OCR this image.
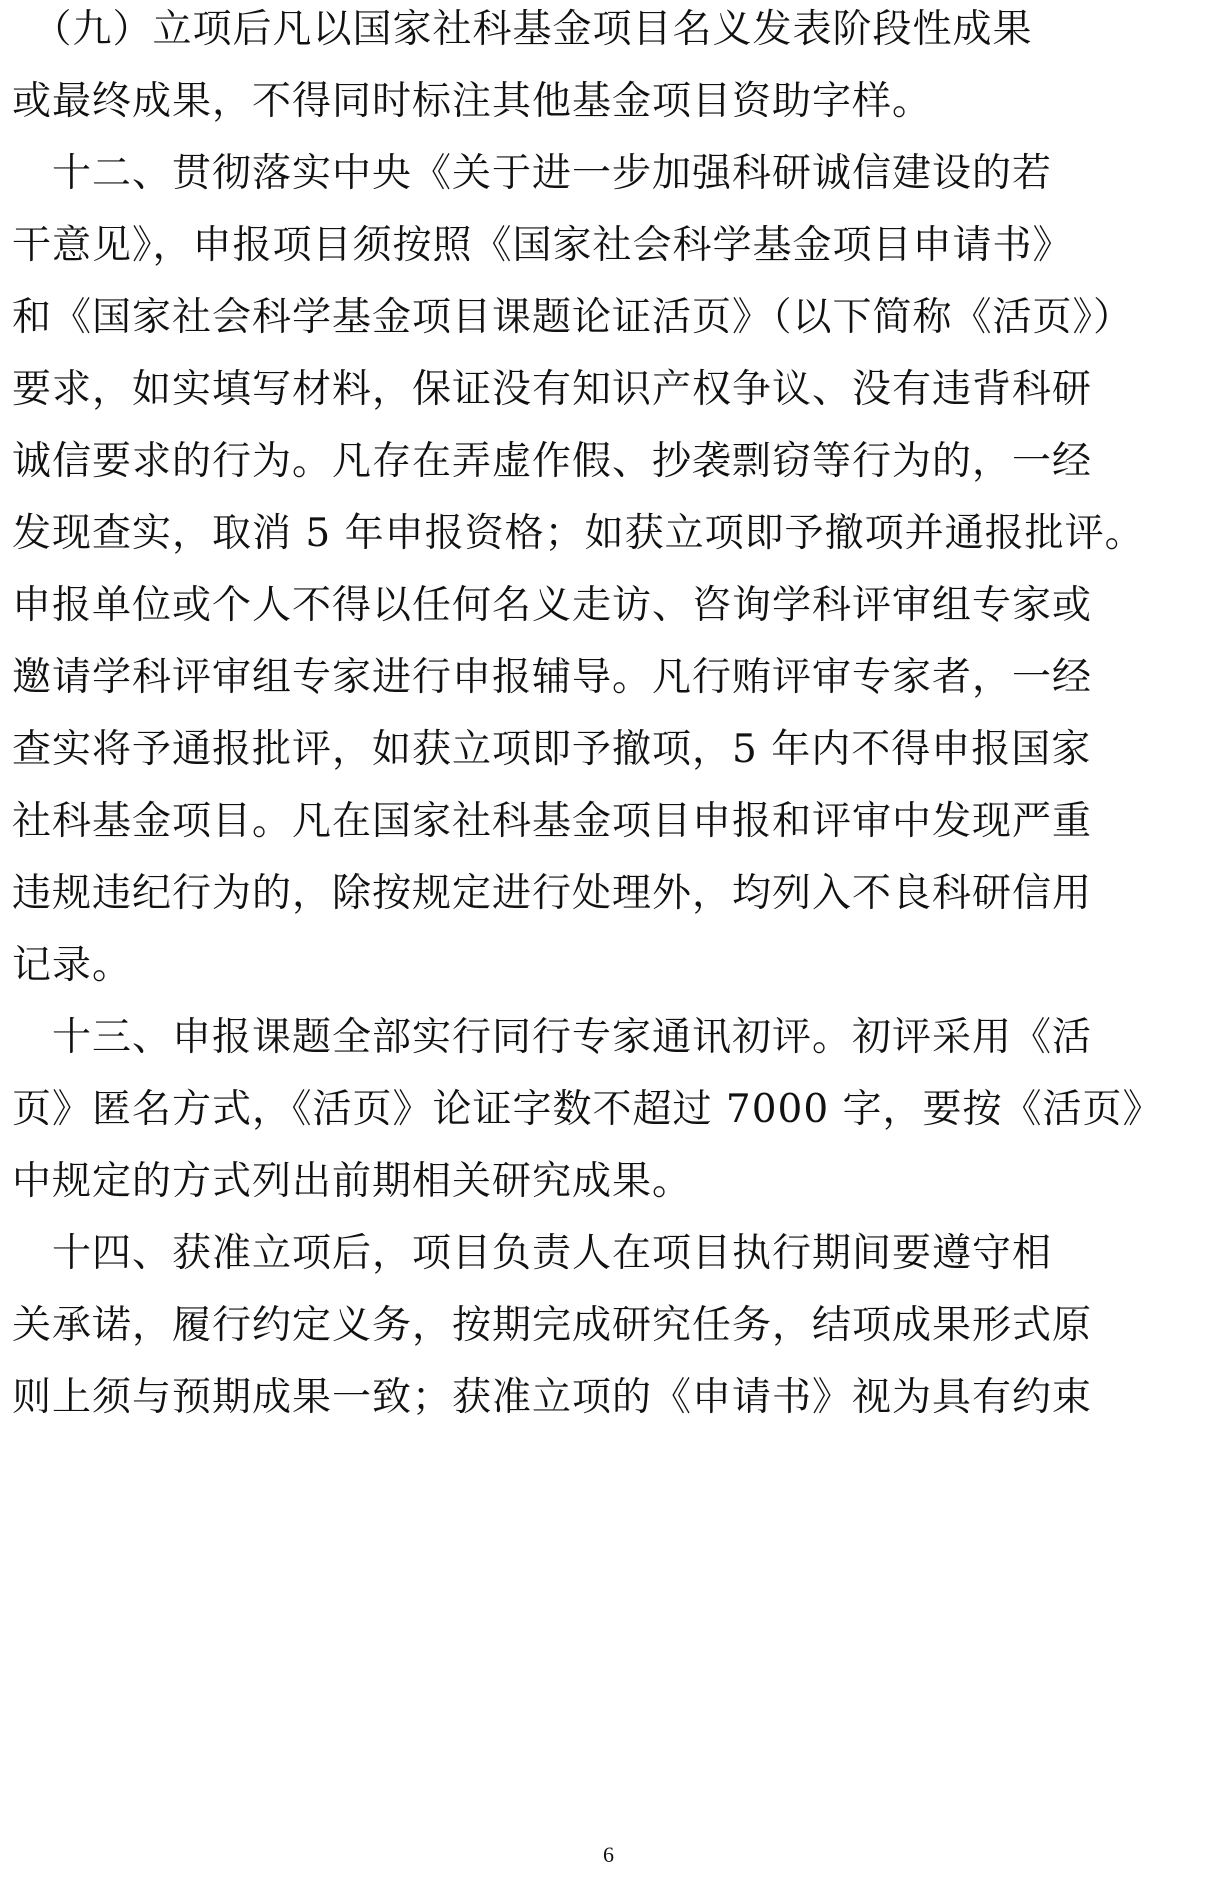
　（九）立项后凡以国家社科基金项目名义发表阶段性成果
或最终成果，不得同时标注其他基金项目资助字样。
　十二、贯彻落实中央《关于进一步加强科研诚信建设的若
干意见》，申报项目须按照《国家社会科学基金项目申请书》
和《国家社会科学基金项目课题论证活页》（以下简称《活页》）
要求，如实填写材料，保证没有知识产权争议、没有违背科研
诚信要求的行为。凡存在弄虚作假、抄袭剽窃等行为的，一经
发现查实，取消 5 年申报资格；如获立项即予撤项并通报批评。
申报单位或个人不得以任何名义走访、咨询学科评审组专家或
邀请学科评审组专家进行申报辅导。凡行贿评审专家者，一经
查实将予通报批评，如获立项即予撤项，5 年内不得申报国家
社科基金项目。凡在国家社科基金项目申报和评审中发现严重
违规违纪行为的，除按规定进行处理外，均列入不良科研信用
记录。
　十三、申报课题全部实行同行专家通讯初评。初评采用《活
页》匿名方式，《活页》论证字数不超过 7000 字，要按《活页》
中规定的方式列出前期相关研究成果。
　十四、获准立项后，项目负责人在项目执行期间要遵守相
关承诺，履行约定义务，按期完成研究任务，结项成果形式原
则上须与预期成果一致；获准立项的《申请书》视为具有约束
6
